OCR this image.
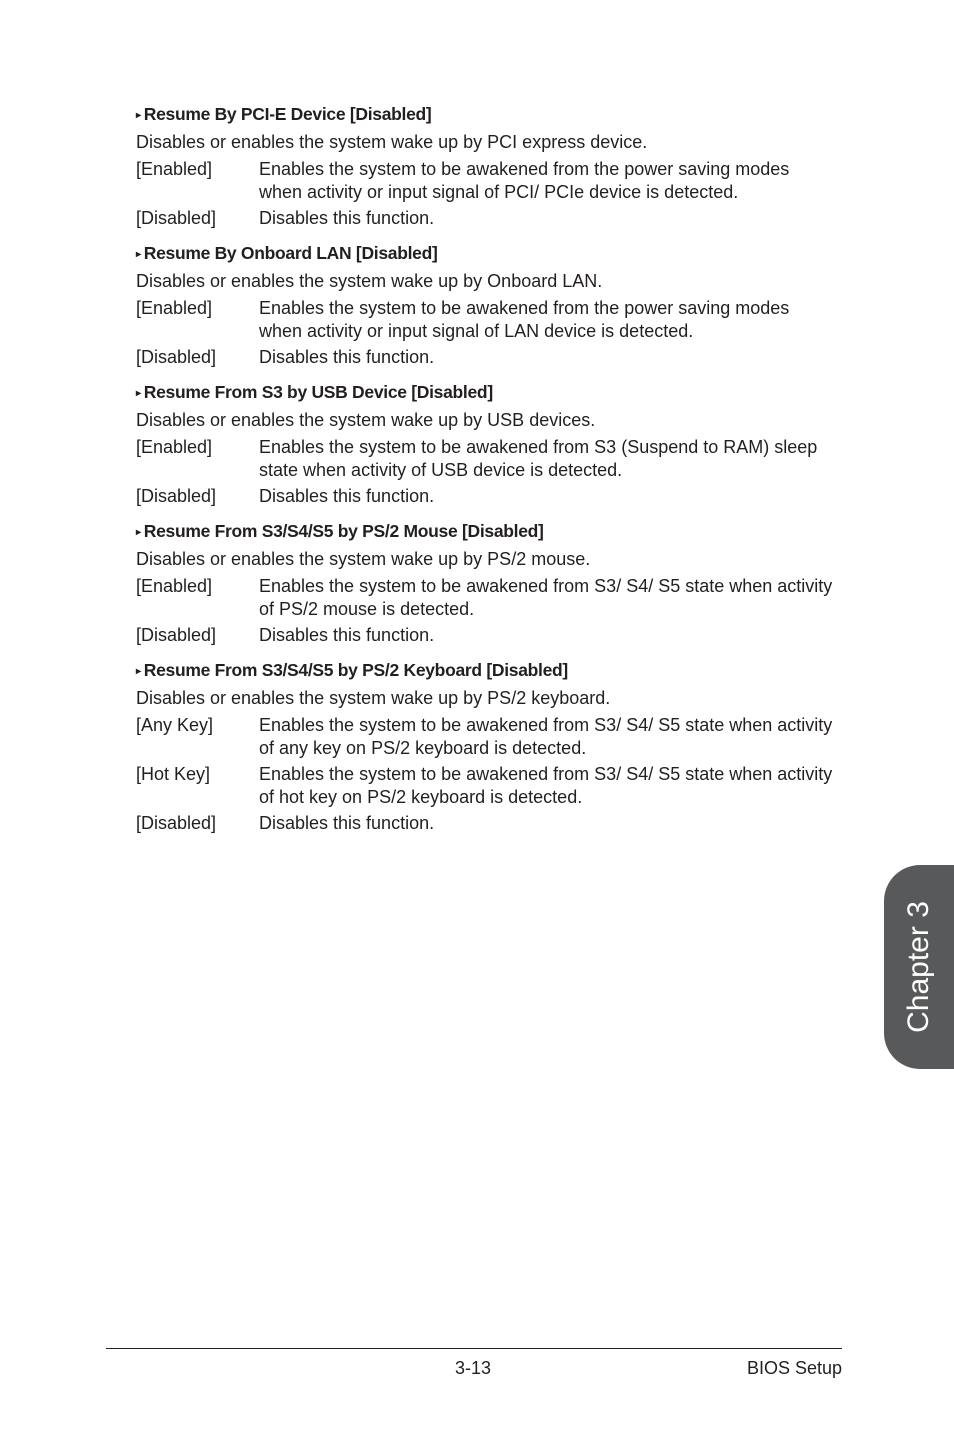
▸ Resume By PCI-E Device [Disabled]

Disables or enables the system wake up by PCI express device.

[Enabled]	Enables the system to be awakened from the power saving modes when activity or input signal of PCI/ PCIe device is detected.
[Disabled]	Disables this function.

▸ Resume By Onboard LAN [Disabled]

Disables or enables the system wake up by Onboard LAN.

[Enabled]	Enables the system to be awakened from the power saving modes when activity or input signal of LAN device is detected.
[Disabled]	Disables this function.

▸ Resume From S3 by USB Device [Disabled]

Disables or enables the system wake up by USB devices.

[Enabled]	Enables the system to be awakened from S3 (Suspend to RAM) sleep state when activity of USB device is detected.
[Disabled]	Disables this function.

▸ Resume From S3/S4/S5 by PS/2 Mouse [Disabled]

Disables or enables the system wake up by PS/2 mouse.

[Enabled]	Enables the system to be awakened from S3/ S4/ S5 state when activity of PS/2 mouse is detected.
[Disabled]	Disables this function.

▸ Resume From S3/S4/S5 by PS/2 Keyboard [Disabled]

Disables or enables the system wake up by PS/2 keyboard.

[Any Key]	Enables the system to be awakened from S3/ S4/ S5 state when activity of any key on PS/2 keyboard is detected.
[Hot Key]	Enables the system to be awakened from S3/ S4/ S5 state when activity of hot key on PS/2 keyboard is detected.
[Disabled]	Disables this function.
Chapter 3
3-13	BIOS Setup
